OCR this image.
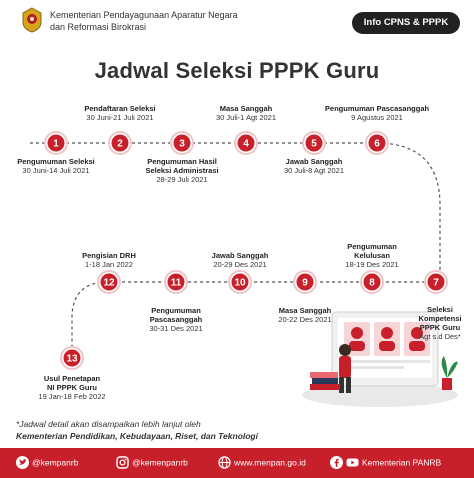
Kementerian Pendayagunaan Aparatur Negara
dan Reformasi Birokrasi	Info CPNS & PPPK
Jadwal Seleksi PPPK Guru
1	2	3	4	5	6
7
8
9
10
11
12
13
Pengumuman Seleksi
30 Juni-14 Juli 2021
Pendaftaran Seleksi
30 Juni-21 Juli 2021
Pengumuman Hasil
Seleksi Administrasi
28-29 Juli 2021
Masa Sanggah
30 Juli-1 Agt 2021
Jawab Sanggah
30 Juli-8 Agt 2021
Pengumuman Pascasanggah
9 Agustus 2021
Seleksi
Kompetensi
PPPK Guru
Agt s.d Des*
Pengumuman
Kelulusan
18-19 Des 2021
Masa Sanggah
20-22 Des 2021
Jawab Sanggah
20-29 Des 2021
Pengumuman
Pascasanggah
30-31 Des 2021
Pengisian DRH
1-18 Jan 2022
Usul Penetapan
NI PPPK Guru
19 Jan-18 Feb 2022
*Jadwal detail akan disampaikan lebih lanjut oleh
Kementerian Pendidikan, Kebudayaan, Riset, dan Teknologi
@kempanrb	@kemenpanrb	www.menpan.go.id	Kementerian PANRB
